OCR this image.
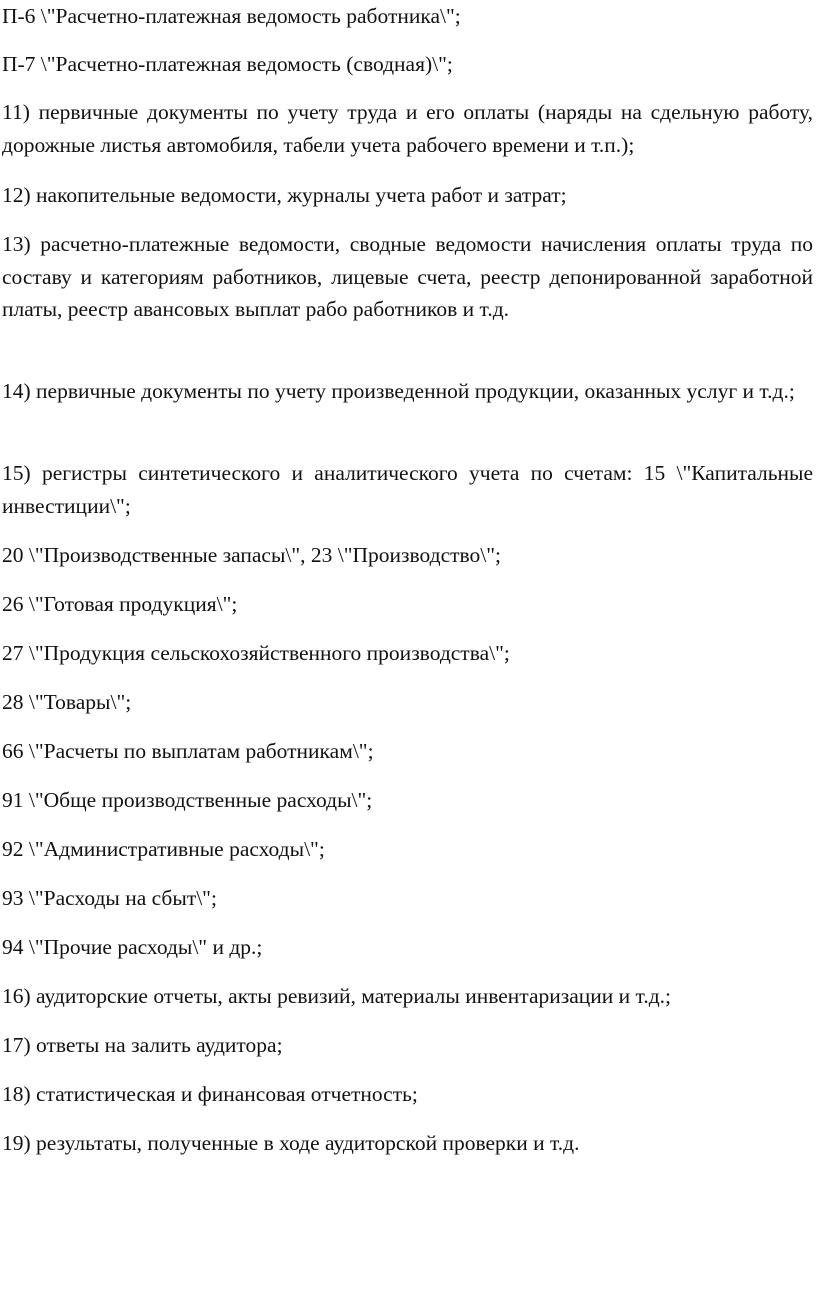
П-6 \"Расчетно-платежная ведомость работника\";

П-7 \"Расчетно-платежная ведомость (сводная)\";

11) первичные документы по учету труда и его оплаты (наряды на сдельную работу, дорожные листья автомобиля, табели учета рабочего времени и т.п.);

12) накопительные ведомости, журналы учета работ и затрат;

13) расчетно-платежные ведомости, сводные ведомости начисления оплаты труда по составу и категориям работников, лицевые счета, реестр депонированной заработной платы, реестр авансовых выплат рабо работников и т.д.

14) первичные документы по учету произведенной продукции, оказанных услуг и т.д.;

15) регистры синтетического и аналитического учета по счетам: 15 \"Капитальные инвестиции\";

20 \"Производственные запасы\", 23 \"Производство\";

26 \"Готовая продукция\";

27 \"Продукция сельскохозяйственного производства\";

28 \"Товары\";

66 \"Расчеты по выплатам работникам\";

91 \"Обще производственные расходы\";

92 \"Административные расходы\";

93 \"Расходы на сбыт\";

94 \"Прочие расходы\" и др.;

16) аудиторские отчеты, акты ревизий, материалы инвентаризации и т.д.;

17) ответы на залить аудитора;

18) статистическая и финансовая отчетность;

19) результаты, полученные в ходе аудиторской проверки и т.д.
